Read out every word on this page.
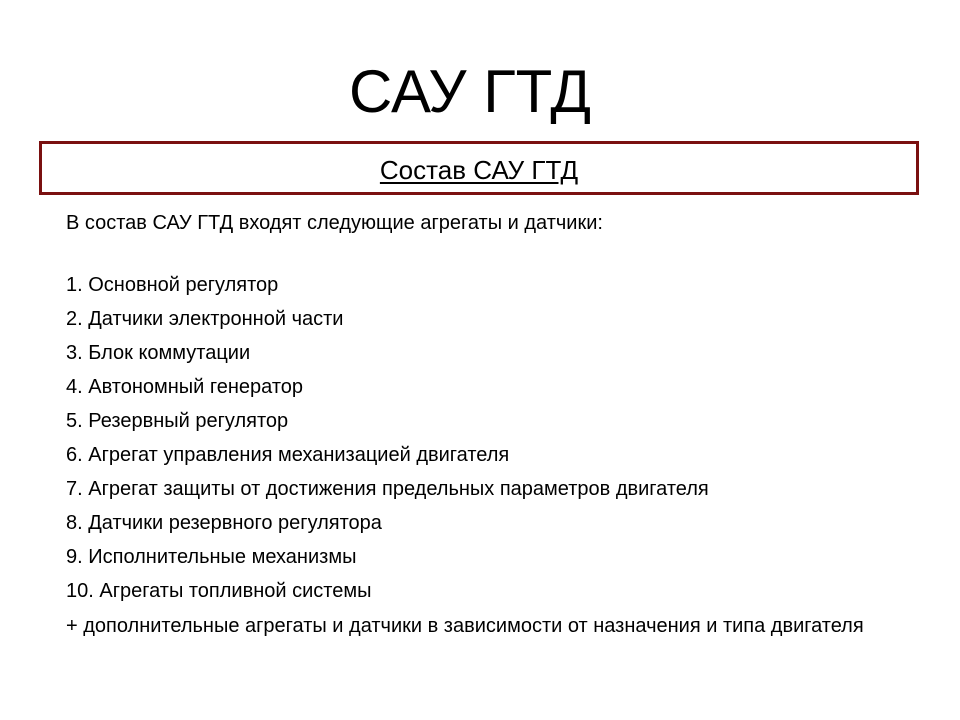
САУ ГТД
Состав САУ ГТД
В состав САУ ГТД входят следующие агрегаты и датчики:
1. Основной регулятор
2. Датчики электронной части
3. Блок коммутации
4. Автономный генератор
5. Резервный регулятор
6. Агрегат управления механизацией двигателя
7. Агрегат защиты от достижения предельных параметров двигателя
8. Датчики резервного регулятора
9. Исполнительные механизмы
10. Агрегаты топливной системы
+ дополнительные агрегаты и датчики в зависимости от назначения и типа двигателя
